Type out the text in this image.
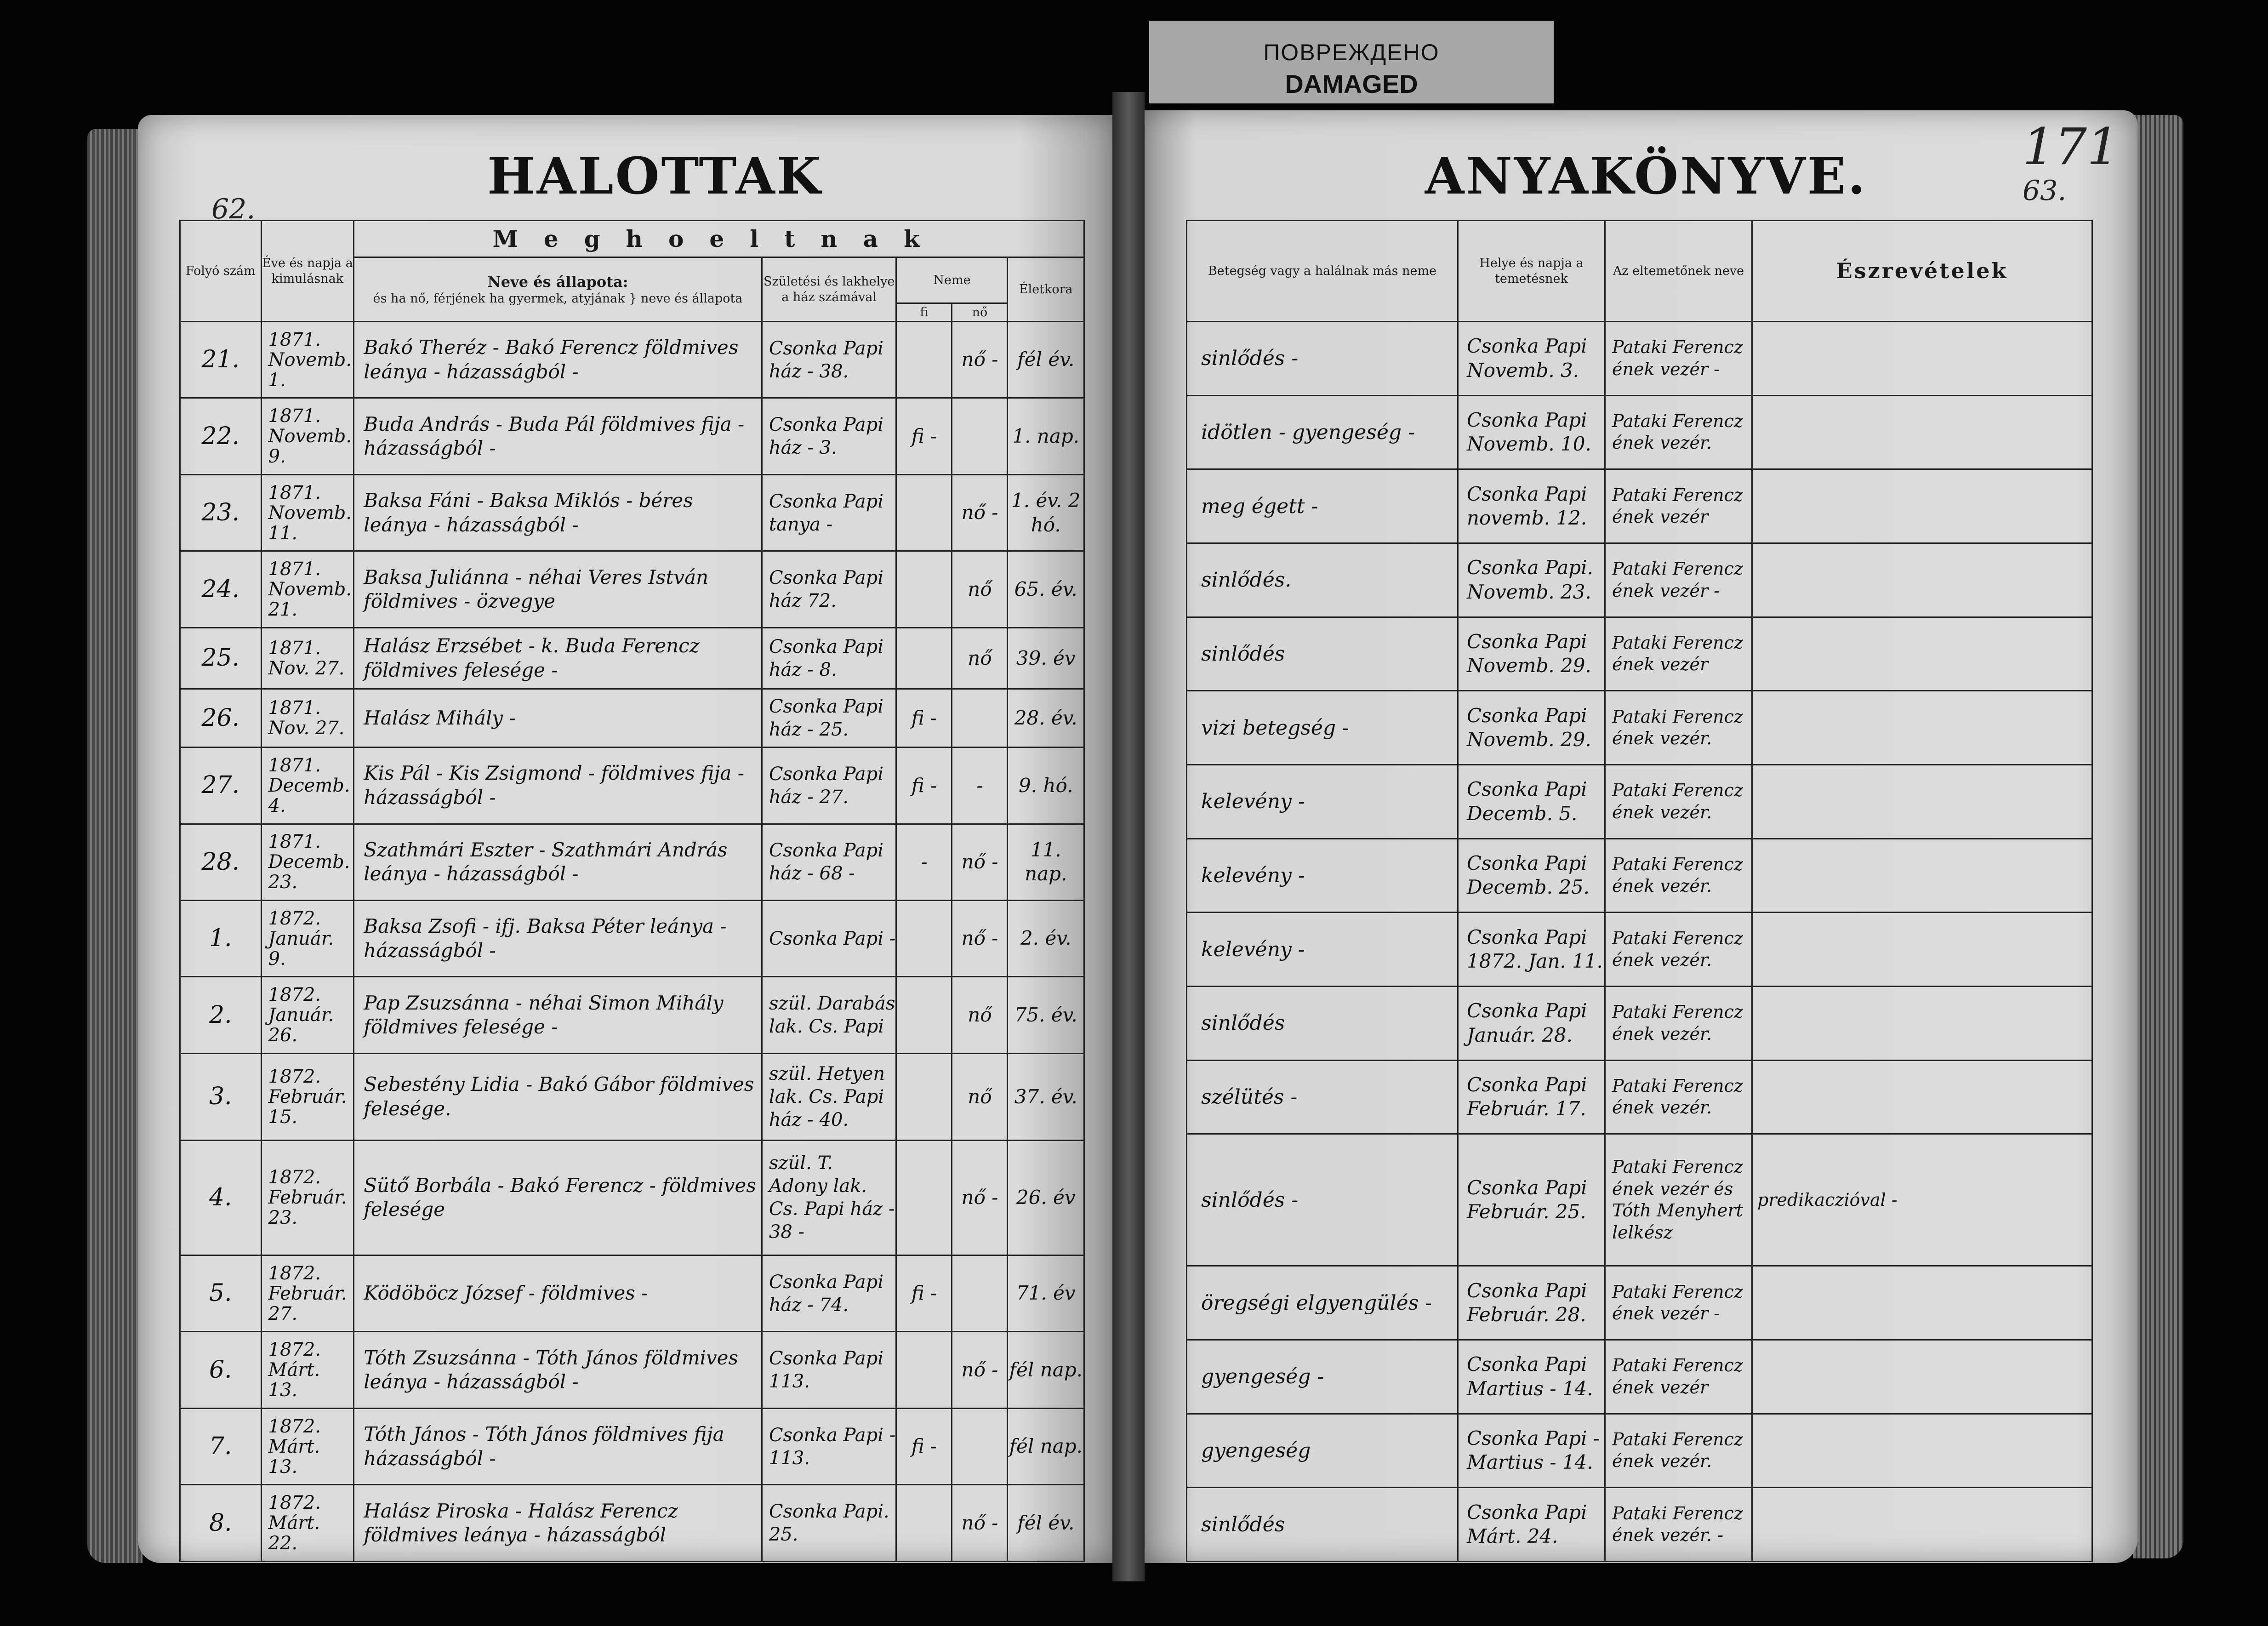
ПОВРЕЖДЕНО
DAMAGED
62.
HALOTTAK	ANYAKÖNYVE.	63.
171
Folyó szám	Éve és napja a kimulásnak	Meghoeltnak				

		Neve és állapota:
és ha nő, férjének ha gyermek, atyjának } neve és állapota	Születési és lakhelye a ház számával	Neme		Életkora
				fi	nő	
21.	1871. Novemb. 1.	Bakó Theréz - Bakó Ferencz földmives leánya - házasságból -	Csonka Papi ház - 38.		nő -	fél év.
22.	1871. Novemb. 9.	Buda András - Buda Pál földmives fija - házasságból -	Csonka Papi ház - 3.	fi -		1. nap.
23.	1871. Novemb. 11.	Baksa Fáni - Baksa Miklós - béres leánya - házasságból -	Csonka Papi tanya -		nő -	1. év. 2 hó.
24.	1871. Novemb. 21.	Baksa Juliánna - néhai Veres István földmives - özvegye	Csonka Papi ház 72.		nő	65. év.
25.	1871. Nov. 27.	Halász Erzsébet - k. Buda Ferencz földmives felesége -	Csonka Papi ház - 8.		nő	39. év
26.	1871. Nov. 27.	Halász Mihály -	Csonka Papi ház - 25.	fi -		28. év.
27.	1871. Decemb. 4.	Kis Pál - Kis Zsigmond - földmives fija - házasságból -	Csonka Papi ház - 27.	fi -	-	9. hó.
28.	1871. Decemb. 23.	Szathmári Eszter - Szathmári András leánya - házasságból -	Csonka Papi ház - 68 -	-	nő -	11. nap.
1.	1872. Január. 9.	Baksa Zsofi - ifj. Baksa Péter leánya - házasságból -	Csonka Papi -		nő -	2. év.
2.	1872. Január. 26.	Pap Zsuzsánna - néhai Simon Mihály földmives felesége -	szül. Darabás lak. Cs. Papi		nő	75. év.
3.	1872. Február. 15.	Sebestény Lidia - Bakó Gábor földmives felesége.	szül. Hetyen lak. Cs. Papi ház - 40.		nő	37. év.
4.	1872. Február. 23.	Sütő Borbála - Bakó Ferencz - földmives felesége	szül. T. Adony lak. Cs. Papi ház - 38 -		nő -	26. év
5.	1872. Február. 27.	Ködöböcz József - földmives -	Csonka Papi ház - 74.	fi -		71. év
6.	1872. Márt. 13.	Tóth Zsuzsánna - Tóth János földmives leánya - házasságból -	Csonka Papi 113.		nő -	fél nap.
7.	1872. Márt. 13.	Tóth János - Tóth János földmives fija házasságból -	Csonka Papi - 113.	fi -		fél nap.
8.	1872. Márt. 22.	Halász Piroska - Halász Ferencz földmives leánya - házasságból	Csonka Papi. 25.		nő -	fél év.
Betegség vagy a halálnak más neme	Helye és napja a temetésnek	Az eltemetőnek neve	Észrevételek
sinlődés -	Csonka Papi Novemb. 3.	Pataki Ferencz ének vezér -	
idötlen - gyengeség -	Csonka Papi Novemb. 10.	Pataki Ferencz ének vezér.	
meg égett -	Csonka Papi novemb. 12.	Pataki Ferencz ének vezér	
sinlődés.	Csonka Papi. Novemb. 23.	Pataki Ferencz ének vezér -	
sinlődés	Csonka Papi Novemb. 29.	Pataki Ferencz ének vezér	
vizi betegség -	Csonka Papi Novemb. 29.	Pataki Ferencz ének vezér.	
kelevény -	Csonka Papi Decemb. 5.	Pataki Ferencz ének vezér.	
kelevény -	Csonka Papi Decemb. 25.	Pataki Ferencz ének vezér.	
kelevény -	Csonka Papi 1872. Jan. 11.	Pataki Ferencz ének vezér.	
sinlődés	Csonka Papi Január. 28.	Pataki Ferencz ének vezér.	
szélütés -	Csonka Papi Február. 17.	Pataki Ferencz ének vezér.	
sinlődés -	Csonka Papi Február. 25.	Pataki Ferencz ének vezér és Tóth Menyhert lelkész	predikaczióval -
öregségi elgyengülés -	Csonka Papi Február. 28.	Pataki Ferencz ének vezér -	
gyengeség -	Csonka Papi Martius - 14.	Pataki Ferencz ének vezér	
gyengeség	Csonka Papi - Martius - 14.	Pataki Ferencz ének vezér.	
sinlődés	Csonka Papi Márt. 24.	Pataki Ferencz ének vezér. -	
